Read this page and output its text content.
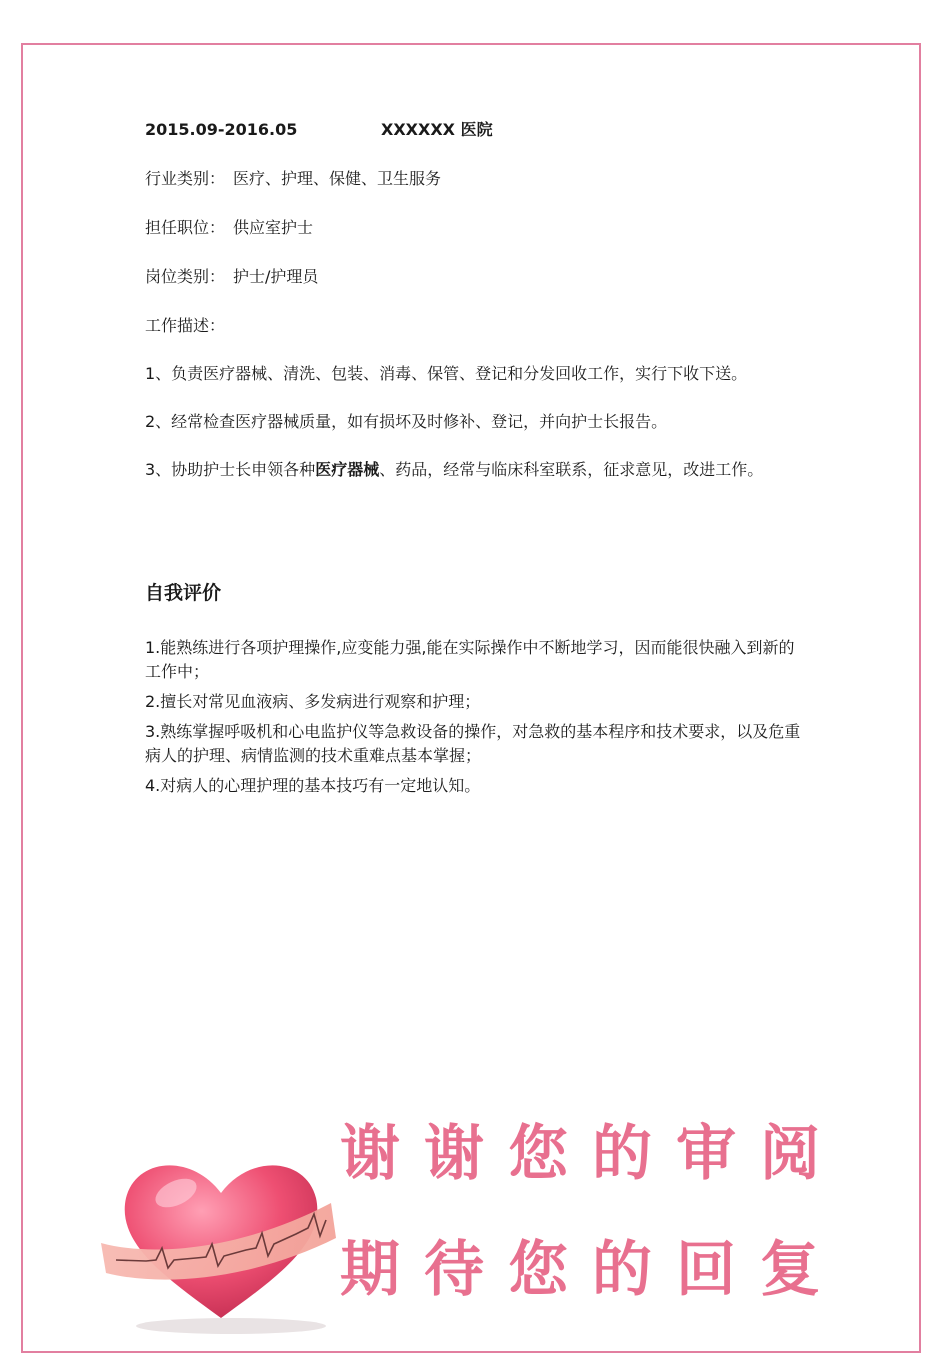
2015.09-2016.05	XXXXXX 医院
行业类别： 医疗、护理、保健、卫生服务
担任职位： 供应室护士
岗位类别： 护士/护理员
工作描述：
1、负责医疗器械、清洗、包装、消毒、保管、登记和分发回收工作，实行下收下送。
2、经常检查医疗器械质量，如有损坏及时修补、登记，并向护士长报告。
3、协助护士长申领各种医疗器械、药品，经常与临床科室联系，征求意见，改进工作。
自我评价

1.能熟练进行各项护理操作,应变能力强,能在实际操作中不断地学习，因而能很快融入到新的工作中；

2.擅长对常见血液病、多发病进行观察和护理；

3.熟练掌握呼吸机和心电监护仪等急救设备的操作，对急救的基本程序和技术要求，以及危重病人的护理、病情监测的技术重难点基本掌握；

4.对病人的心理护理的基本技巧有一定地认知。

谢谢您的审阅
期待您的回复
